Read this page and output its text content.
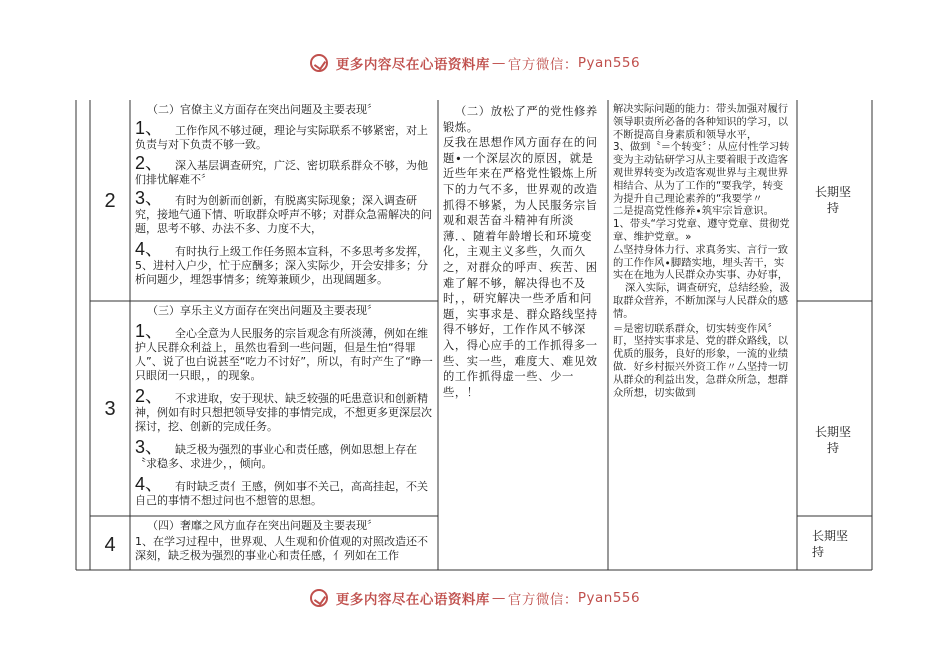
更多内容尽在心语资料库 — 官方微信： Pyan556
2
3
4

（二）官僚主义方面存在突出问题及主要表现〞

1、 工作作风不够过硬，理论与实际联系不够紧密，对上负责与对下负责不够一致。

2、 深入基层调查研究，广泛、密切联系群众不够，为他们排忧解难不〞

3、 有时为创新而创新，有脱离实际现象；深入调查研究，接地气通下情、听取群众呼声不够；对群众急需解决的问题，思考不够、办法不多、力度不大，

4、 有时执行上级工作任务照本宣科，不多思考多发挥，5、进村入户少，忙于应酬多；深入实际少，开会安排多；分析问题少，埋怨事情多；统筹兼顾少，出现阔题多。

（三）享乐主义方面存在突出问题及主要表现〞

1、 全心全意为人民服务的宗旨观念有所淡薄，例如在维护人民群众利益上，虽然也看到一些问题，但是生怕“得罪人”、说了也白说甚至“吃力不讨好”，所以，有时产生了“睁一只眼闭一只眼，，的现象。

2、 不求进取，安于现状、缺乏较强的吒患意识和创新精神，例如有时只想把领导安排的事情完成，不想更多更深层次探讨，挖、创新的完成任务。

3、 缺乏极为强烈的事业心和责任感，例如思想上存在〝求稳多、求进少，，倾向。

4、 有时缺乏责亻王感，例如事不关己，高高挂起，不关自己的事情不想过问也不想管的思想。

（四）奢靡之风方血存在突出问题及主要表现〞

1、在学习过程中，世界观、人生观和价值观的对照改造还不深刻，缺乏极为强烈的事业心和责任感，亻列如在工作

（二）放松了严的党性修养锻炼。反我在思想作风方面存在的问题∙一个深层次的原因，就是近些年来在严格党性锻炼上所下的力气不多，世界观的改造抓得不够紧，为人民服务宗旨观和艰苦奋斗精神有所淡薄．、随着年龄增长和环境变化，主观主义多些，久而久之，对群众的呼声、疾苦、困难了解不够，解决得也不及时，，研究解决一些矛盾和问题，实事求是、群众路线坚持得不够好，工作作风不够深入，得心应手的工作抓得多一些、实一些，难度大、难见效的工作抓得虚一些、少一些，！

解决实际问题的能力：带头加强对履行领导职责所必备的各种知识的学习，以不断提高自身素质和领导水平，

3、做到〝＝个转变〞：从应付性学习转变为主动钻研学习从主要着眼于改造客观世界转变为改造客观世界与主观世界相结合、从为了工作的“要我学，转变为提升自己理论素养的“我要学〃

二是提高党性修养∙筑牢宗旨意识。

1、带头“学习党章、遵守党章、贯彻党章、维护党章。»

厶坚持身体力行、求真务实、言行一致的工作作风∙脚踏实地，埋头苦干，实实在在地为人民群众办实事、办好事，

深入实际，调查研究，总结经验，汲取群众营养，不断加深与人民群众的感情。

＝是密切联系群众，切实转变作风〞盯，坚持实事求是、党的群众路线，以优质的服务，良好的形象，一流的业绩做．好乡村振兴外资工作〃厶坚持一切从群众的利益出发，急群众所急，想群众所想，切实做到

长期坚
持
长期坚
持
长期坚
持
更多内容尽在心语资料库 — 官方微信： Pyan556
